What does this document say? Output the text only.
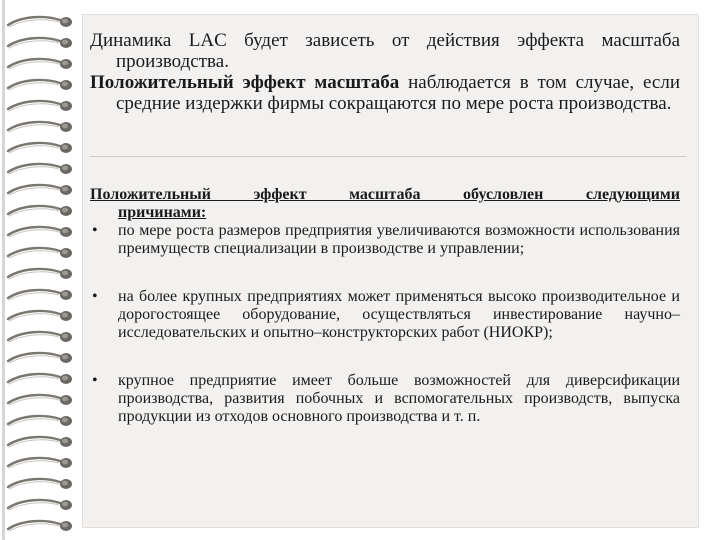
Динамика LAC будет зависеть от действия эффекта масштаба производства.
Положительный эффект масштаба наблюдается в том случае, если средние издержки фирмы сокращаются по мере роста производства.
Положительный эффект масштаба обусловлен следующими
причинами:
• по мере роста размеров предприятия увеличиваются возможности использования преимуществ специализации в производстве и управлении;
• на более крупных предприятиях может применяться высоко производительное и дорогостоящее оборудование, осуществляться инвестирование научно–исследовательских и опытно–конструкторских работ (НИОКР);
• крупное предприятие имеет больше возможностей для диверсификации производства, развития побочных и вспомогательных производств, выпуска продукции из отходов основного производства и т. п.
